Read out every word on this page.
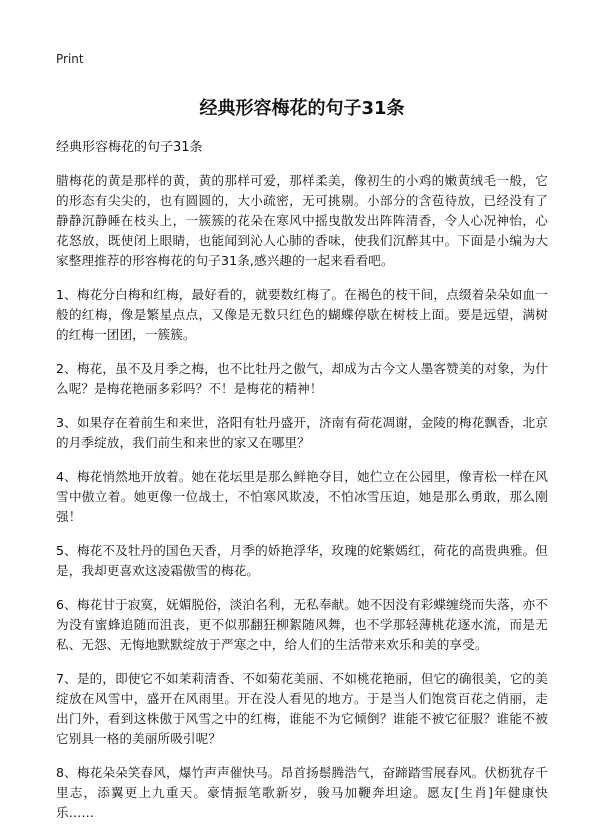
Print
经典形容梅花的句子31条

经典形容梅花的句子31条

腊梅花的黄是那样的黄，黄的那样可爱，那样柔美，像初生的小鸡的嫩黄绒毛一般，它的形态有尖尖的，也有圆圆的，大小疏密，无可挑剔。小部分的含苞待放，已经没有了静静沉静睡在枝头上，一簇簇的花朵在寒风中摇曳散发出阵阵清香，令人心况神怡，心花怒放，既使闭上眼睛，也能闻到沁人心肺的香味，使我们沉醉其中。下面是小编为大家整理推荐的形容梅花的句子31条,感兴趣的一起来看看吧。

1、梅花分白梅和红梅，最好看的，就要数红梅了。在褐色的枝干间，点缀着朵朵如血一般的红梅，像是繁星点点，又像是无数只红色的蝴蝶停歇在树枝上面。要是远望，满树的红梅一团团，一簇簇。

2、梅花，虽不及月季之梅，也不比牡丹之傲气，却成为古今文人墨客赞美的对象，为什么呢？是梅花艳丽多彩吗？不！是梅花的精神！

3、如果存在着前生和来世，洛阳有牡丹盛开，济南有荷花凋谢，金陵的梅花飘香，北京的月季绽放，我们前生和来世的家又在哪里？

4、梅花悄然地开放着。她在花坛里是那么鲜艳夺目，她伫立在公园里，像青松一样在风雪中傲立着。她更像一位战士，不怕寒风欺凌，不怕冰雪压迫，她是那么勇敢，那么刚强！

5、梅花不及牡丹的国色天香，月季的娇艳浮华，玫瑰的姹紫嫣红，荷花的高贵典雅。但是，我却更喜欢这凌霜傲雪的梅花。

6、梅花甘于寂寞，妩媚脱俗，淡泊名利，无私奉献。她不因没有彩蝶缠绕而失落，亦不为没有蜜蜂追随而沮丧，更不似那翻狂柳絮随风舞，也不学那轻薄桃花逐水流，而是无私、无怨、无悔地默默绽放于严寒之中，给人们的生活带来欢乐和美的享受。

7、是的，即使它不如茉莉清香、不如菊花美丽、不如桃花艳丽，但它的确很美，它的美绽放在风雪中，盛开在风雨里。开在没人看见的地方。于是当人们饱赏百花之俏丽，走出门外，看到这株傲于风雪之中的红梅，谁能不为它倾倒？谁能不被它征服？谁能不被它别具一格的美丽所吸引呢？

8、梅花朵朵笑春风，爆竹声声催快马。昂首扬鬃腾浩气，奋蹄踏雪展春风。伏枥犹存千里志，添翼更上九重天。豪情振笔歌新岁，骏马加鞭奔坦途。愿友[生肖]年健康快乐……
